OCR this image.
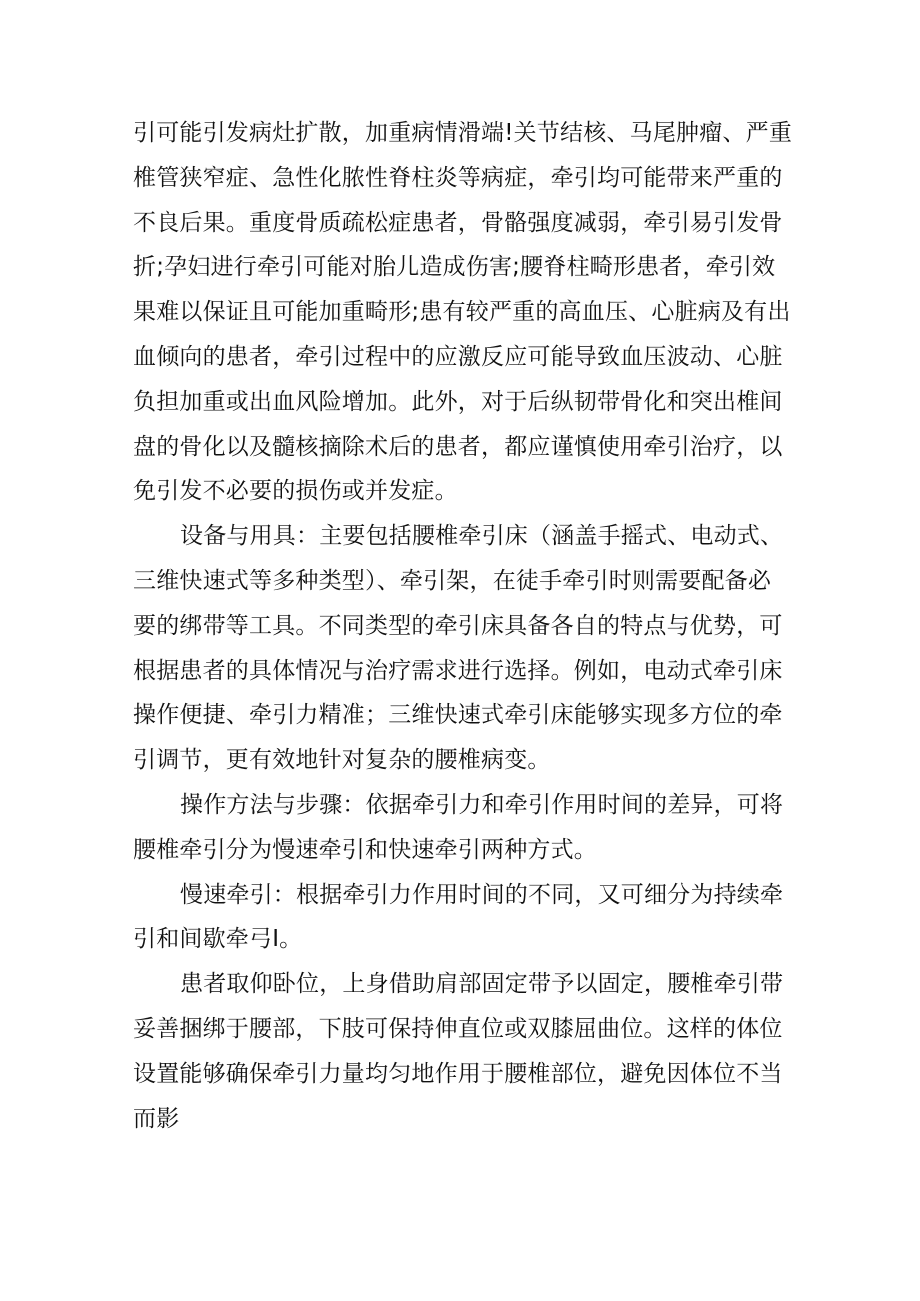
引可能引发病灶扩散，加重病情滑端!关节结核、马尾肿瘤、严重椎管狭窄症、急性化脓性脊柱炎等病症，牵引均可能带来严重的不良后果。重度骨质疏松症患者，骨骼强度减弱，牵引易引发骨折;孕妇进行牵引可能对胎儿造成伤害;腰脊柱畸形患者，牵引效果难以保证且可能加重畸形;患有较严重的高血压、心脏病及有出血倾向的患者，牵引过程中的应激反应可能导致血压波动、心脏负担加重或出血风险增加。此外，对于后纵韧带骨化和突出椎间盘的骨化以及髓核摘除术后的患者，都应谨慎使用牵引治疗，以免引发不必要的损伤或并发症。

设备与用具：主要包括腰椎牵引床（涵盖手摇式、电动式、三维快速式等多种类型）、牵引架，在徒手牵引时则需要配备必要的绑带等工具。不同类型的牵引床具备各自的特点与优势，可根据患者的具体情况与治疗需求进行选择。例如，电动式牵引床操作便捷、牵引力精准；三维快速式牵引床能够实现多方位的牵引调节，更有效地针对复杂的腰椎病变。

操作方法与步骤：依据牵引力和牵引作用时间的差异，可将腰椎牵引分为慢速牵引和快速牵引两种方式。

慢速牵引：根据牵引力作用时间的不同，又可细分为持续牵引和间歇牵弓I。

患者取仰卧位，上身借助肩部固定带予以固定，腰椎牵引带妥善捆绑于腰部，下肢可保持伸直位或双膝屈曲位。这样的体位设置能够确保牵引力量均匀地作用于腰椎部位，避免因体位不当而影
